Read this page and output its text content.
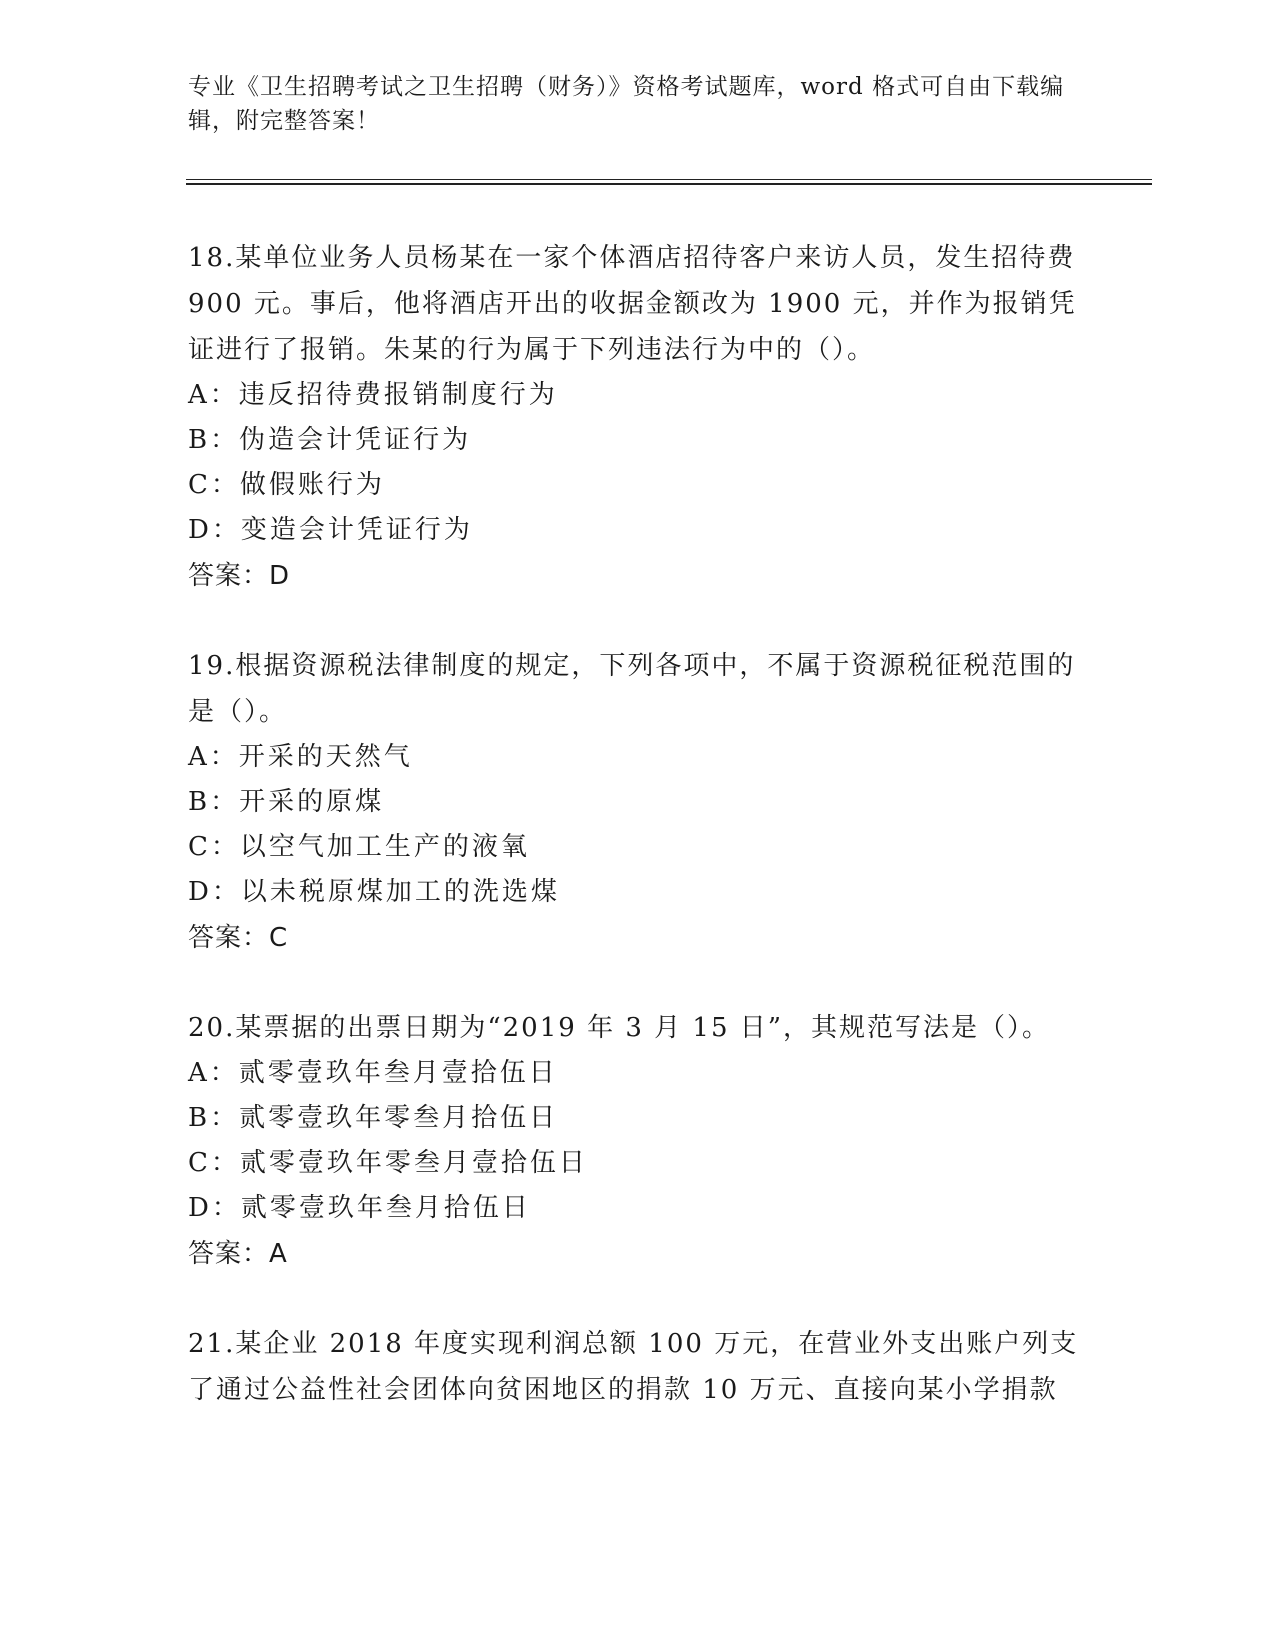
专业《卫生招聘考试之卫生招聘（财务）》资格考试题库，word 格式可自由下载编辑，附完整答案！

18.某单位业务人员杨某在一家个体酒店招待客户来访人员，发生招待费 900 元。事后，他将酒店开出的收据金额改为 1900 元，并作为报销凭证进行了报销。朱某的行为属于下列违法行为中的（）。

A：违反招待费报销制度行为

B：伪造会计凭证行为

C：做假账行为

D：变造会计凭证行为

答案：D

19.根据资源税法律制度的规定，下列各项中，不属于资源税征税范围的是（）。

A：开采的天然气

B：开采的原煤

C：以空气加工生产的液氧

D：以未税原煤加工的洗选煤

答案：C

20.某票据的出票日期为“2019 年 3 月 15 日”，其规范写法是（）。

A：贰零壹玖年叁月壹拾伍日

B：贰零壹玖年零叁月拾伍日

C：贰零壹玖年零叁月壹拾伍日

D：贰零壹玖年叁月拾伍日

答案：A

21.某企业 2018 年度实现利润总额 100 万元，在营业外支出账户列支了通过公益性社会团体向贫困地区的捐款 10 万元、直接向某小学捐款
